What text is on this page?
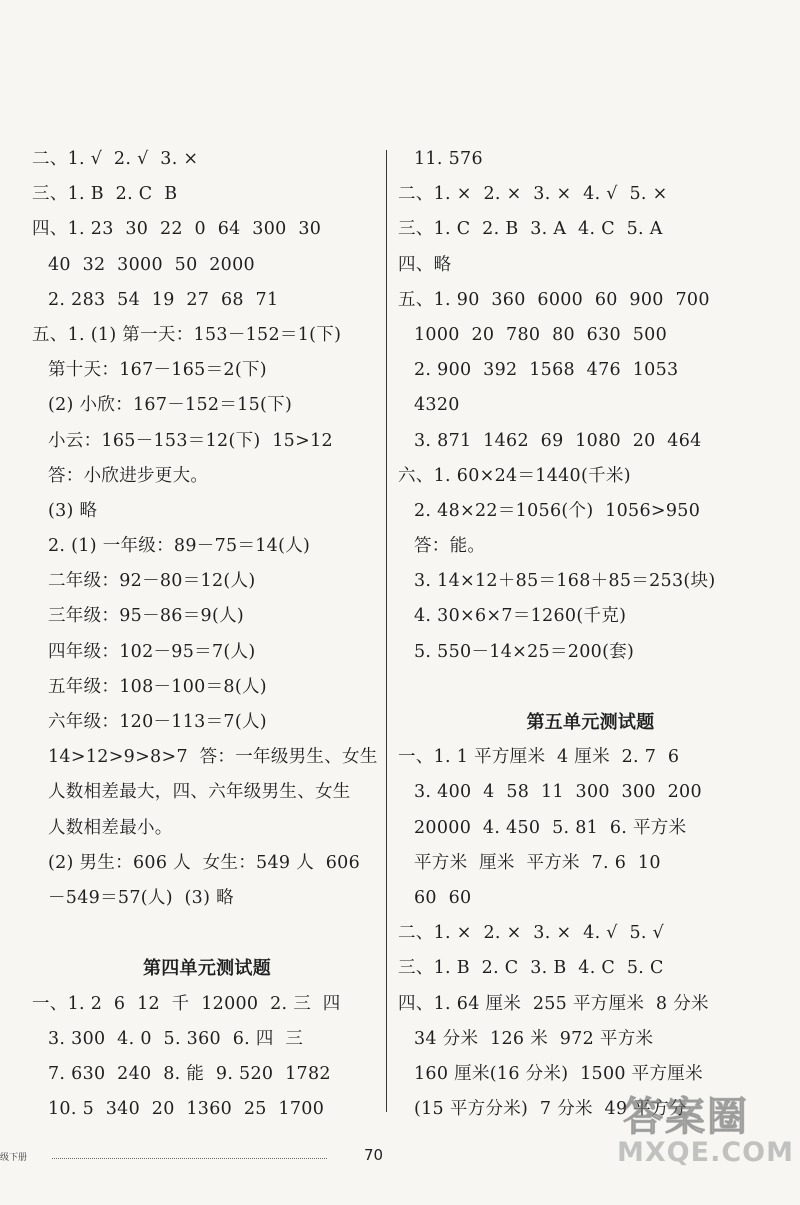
二、1. √  2. √  3. ×
三、1. B  2. C  B
四、1. 23  30  22  0  64  300  30
40  32  3000  50  2000
2. 283  54  19  27  68  71
五、1. (1) 第一天：153－152＝1(下)
第十天：167－165＝2(下)
(2) 小欣：167－152＝15(下)
小云：165－153＝12(下)  15>12
答：小欣进步更大。
(3) 略
2. (1) 一年级：89－75＝14(人)
二年级：92－80＝12(人)
三年级：95－86＝9(人)
四年级：102－95＝7(人)
五年级：108－100＝8(人)
六年级：120－113＝7(人)
14>12>9>8>7  答：一年级男生、女生
人数相差最大，四、六年级男生、女生
人数相差最小。
(2) 男生：606 人  女生：549 人  606
－549＝57(人)  (3) 略
第四单元测试题
一、1. 2  6  12  千  12000  2. 三  四
3. 300  4. 0  5. 360  6. 四  三
7. 630  240  8. 能  9. 520  1782
10. 5  340  20  1360  25  1700
11. 576
二、1. ×  2. ×  3. ×  4. √  5. ×
三、1. C  2. B  3. A  4. C  5. A
四、略
五、1. 90  360  6000  60  900  700
1000  20  780  80  630  500
2. 900  392  1568  476  1053
4320
3. 871  1462  69  1080  20  464
六、1. 60×24＝1440(千米)
2. 48×22＝1056(个)  1056>950
答：能。
3. 14×12＋85＝168＋85＝253(块)
4. 30×6×7＝1260(千克)
5. 550－14×25＝200(套)
第五单元测试题
一、1. 1 平方厘米  4 厘米  2. 7  6
3. 400  4  58  11  300  300  200
20000  4. 450  5. 81  6. 平方米
平方米  厘米  平方米  7. 6  10
60  60
二、1. ×  2. ×  3. ×  4. √  5. √
三、1. B  2. C  3. B  4. C  5. C
四、1. 64 厘米  255 平方厘米  8 分米
34 分米  126 米  972 平方米
160 厘米(16 分米)  1500 平方厘米
(15 平方分米)  7 分米  49 平方分
级下册	70
答案圈
MXQE.COM
